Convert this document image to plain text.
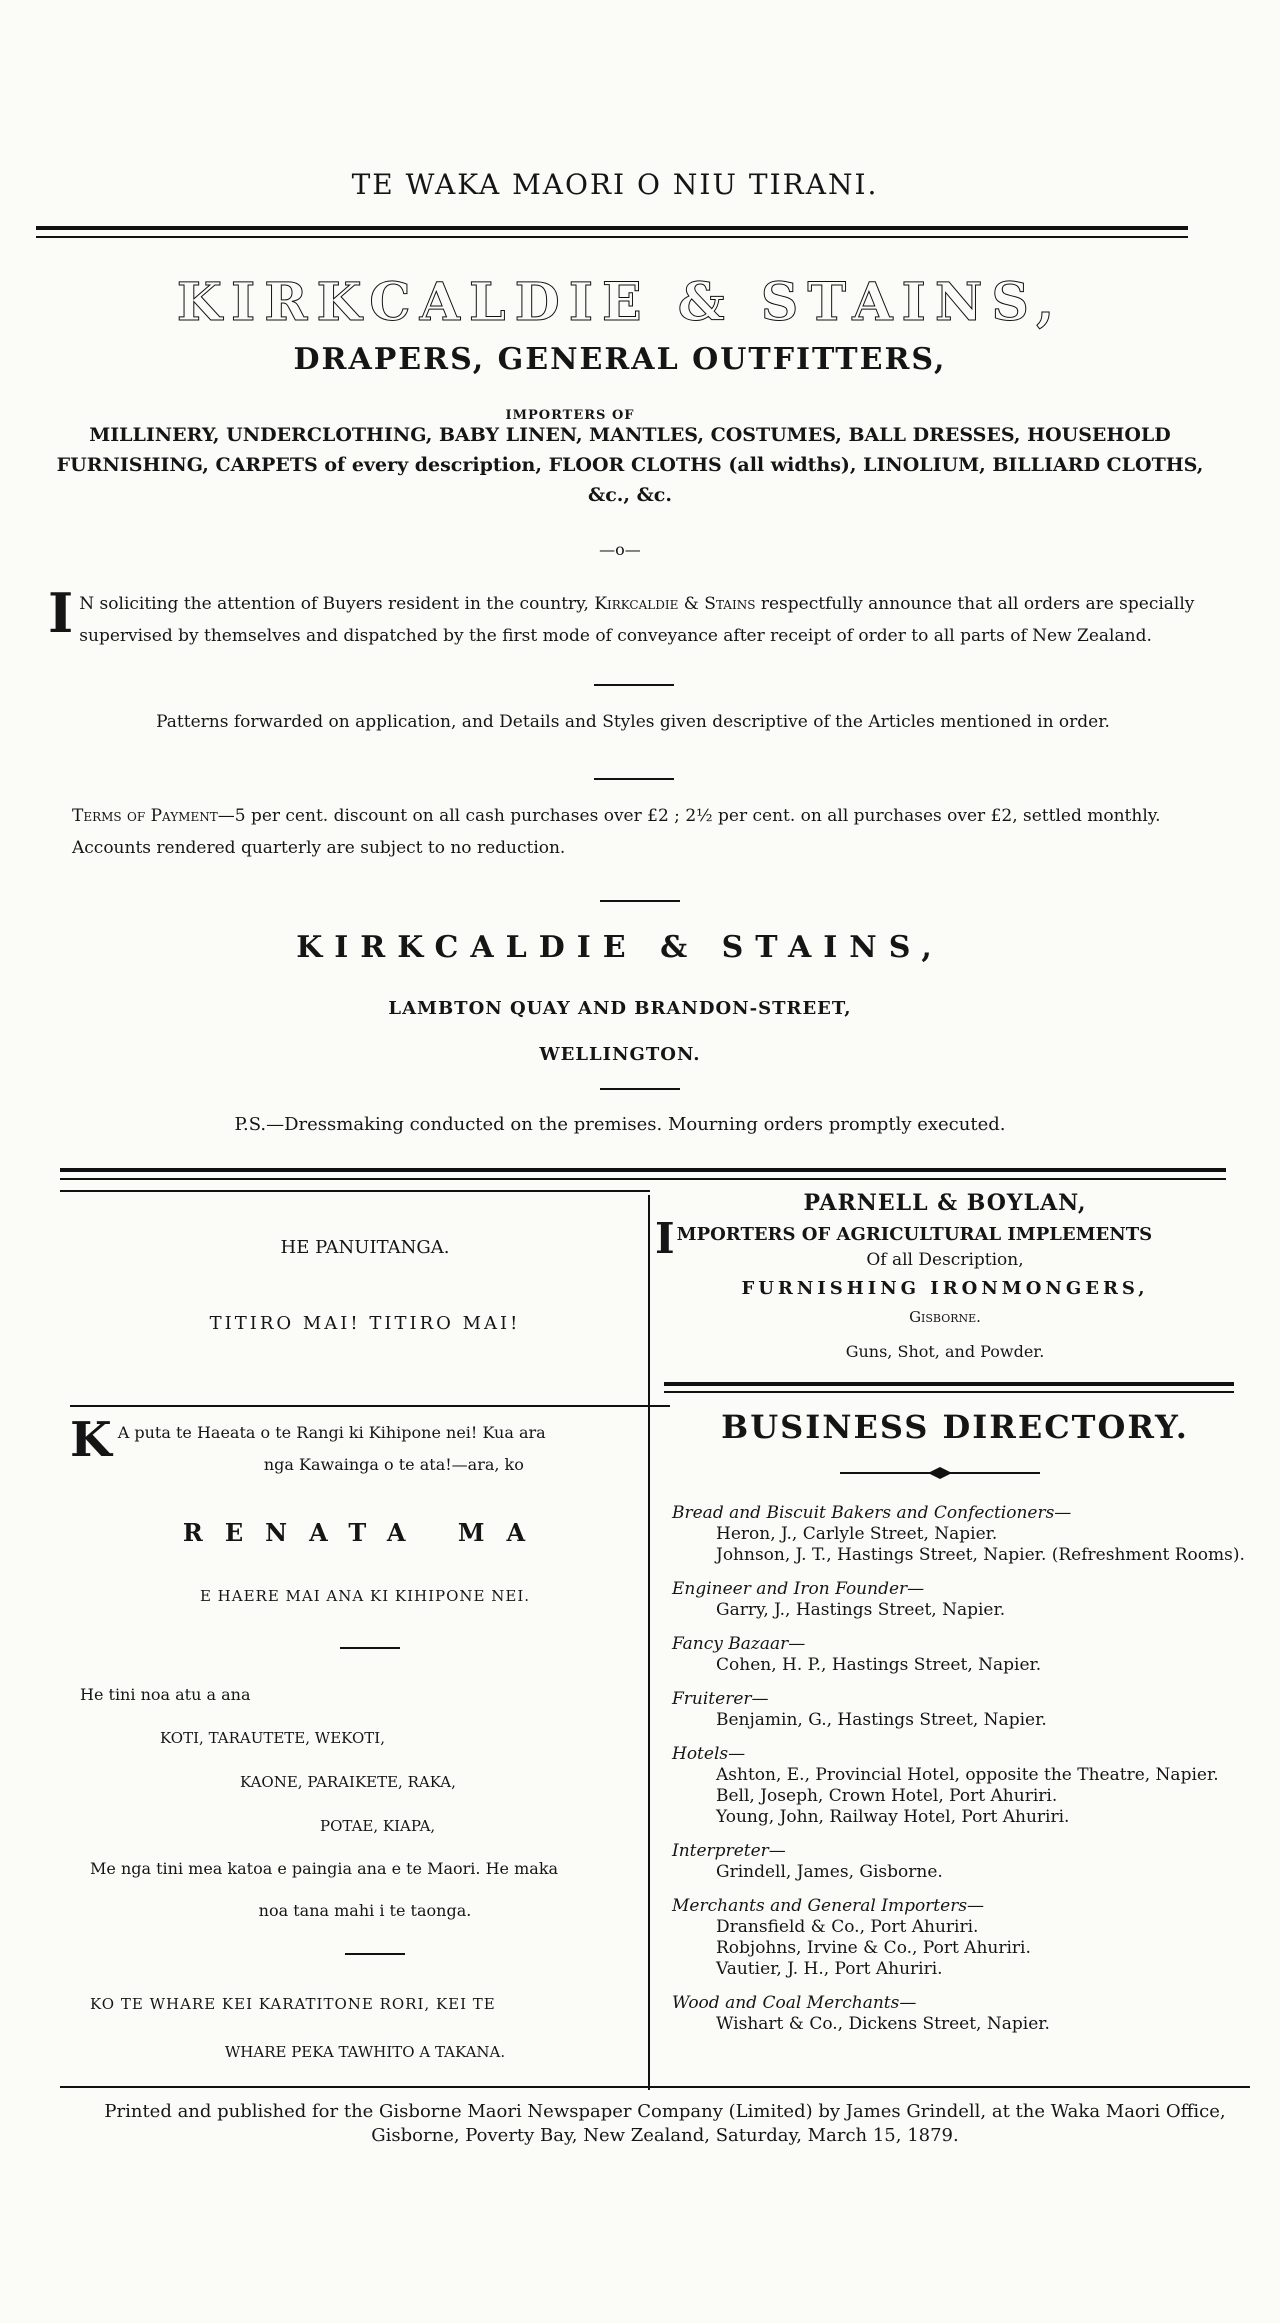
TE WAKA MAORI O NIU TIRANI.
KIRKCALDIE & STAINS,
DRAPERS, GENERAL OUTFITTERS,
IMPORTERS OF
MILLINERY, UNDERCLOTHING, BABY LINEN, MANTLES, COSTUMES, BALL DRESSES, HOUSEHOLD FURNISHING, CARPETS of every description, FLOOR CLOTHS (all widths), LINOLIUM, BILLIARD CLOTHS, &c., &c.
—o—
I N soliciting the attention of Buyers resident in the country, Kirkcaldie & Stains respectfully announce that all orders are specially supervised by themselves and dispatched by the first mode of conveyance after receipt of order to all parts of New Zealand.
Patterns forwarded on application, and Details and Styles given descriptive of the Articles mentioned in order.
Terms of Payment—5 per cent. discount on all cash purchases over £2 ; 2½ per cent. on all purchases over £2, settled monthly. Accounts rendered quarterly are subject to no reduction.
KIRKCALDIE & STAINS,
LAMBTON QUAY AND BRANDON-STREET,
WELLINGTON.
P.S.—Dressmaking conducted on the premises. Mourning orders promptly executed.
HE PANUITANGA.
TITIRO MAI! TITIRO MAI!
K A puta te Haeata o te Rangi ki Kihipone nei! Kua ara

nga Kawainga o te ata!—ara, ko
RENATA MA
E HAERE MAI ANA KI KIHIPONE NEI.
He tini noa atu a ana
KOTI, TARAUTETE, WEKOTI,
KAONE, PARAIKETE, RAKA,
POTAE, KIAPA,
Me nga tini mea katoa e paingia ana e te Maori. He maka
noa tana mahi i te taonga.
KO TE WHARE KEI KARATITONE RORI, KEI TE
WHARE PEKA TAWHITO A TAKANA.
PARNELL & BOYLAN,
IMPORTERS OF AGRICULTURAL IMPLEMENTS
Of all Description,
FURNISHING IRONMONGERS,
Gisborne.
Guns, Shot, and Powder.
BUSINESS DIRECTORY.
Bread and Biscuit Bakers and Confectioners—
Heron, J., Carlyle Street, Napier.
Johnson, J. T., Hastings Street, Napier. (Refreshment Rooms).
Engineer and Iron Founder—
Garry, J., Hastings Street, Napier.
Fancy Bazaar—
Cohen, H. P., Hastings Street, Napier.
Fruiterer—
Benjamin, G., Hastings Street, Napier.
Hotels—
Ashton, E., Provincial Hotel, opposite the Theatre, Napier.
Bell, Joseph, Crown Hotel, Port Ahuriri.
Young, John, Railway Hotel, Port Ahuriri.
Interpreter—
Grindell, James, Gisborne.
Merchants and General Importers—
Dransfield & Co., Port Ahuriri.
Robjohns, Irvine & Co., Port Ahuriri.
Vautier, J. H., Port Ahuriri.
Wood and Coal Merchants—
Wishart & Co., Dickens Street, Napier.
Printed and published for the Gisborne Maori Newspaper Company (Limited) by James Grindell, at the Waka Maori Office,
Gisborne, Poverty Bay, New Zealand, Saturday, March 15, 1879.
